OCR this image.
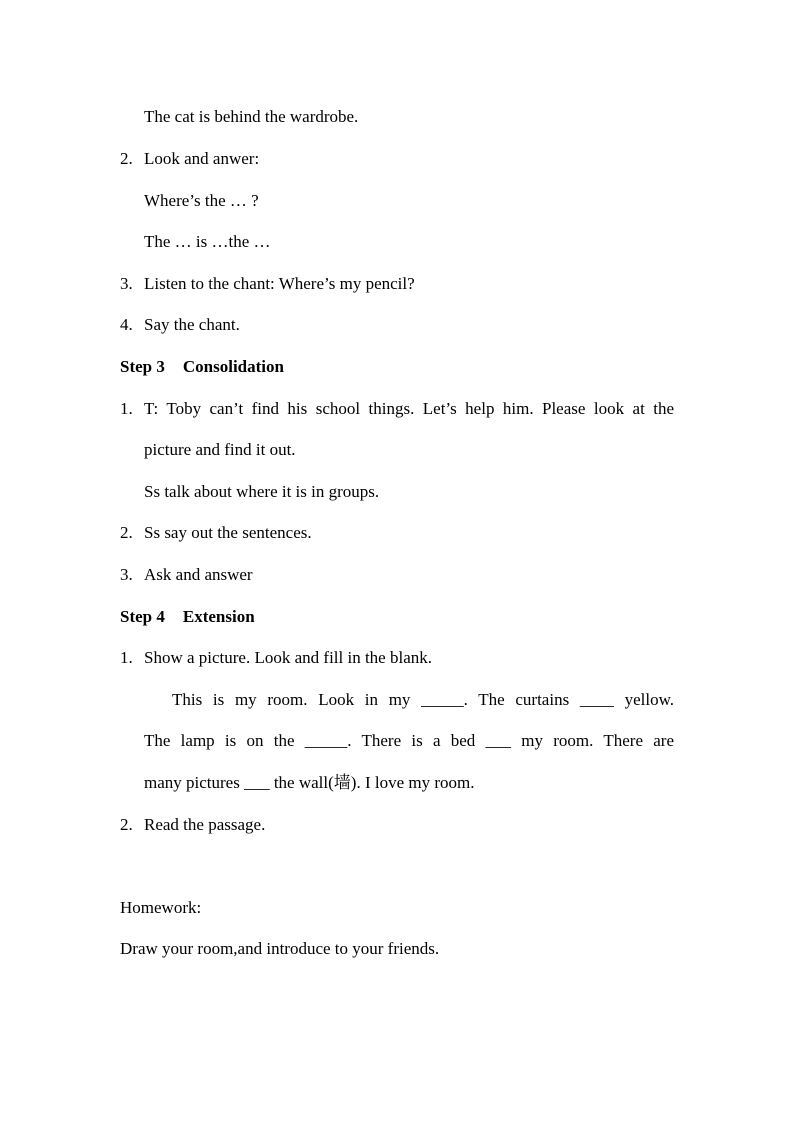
The cat is behind the wardrobe.
2. Look and anwer:
Where’s the … ?
The … is …the …
3. Listen to the chant: Where’s my pencil?
4. Say the chant.
Step 3 Consolidation
1. T: Toby can’t find his school things. Let’s help him. Please look at the
picture and find it out.
Ss talk about where it is in groups.
2. Ss say out the sentences.
3. Ask and answer
Step 4 Extension
1. Show a picture. Look and fill in the blank.
This is my room. Look in my _____. The curtains ____ yellow.
The lamp is on the _____. There is a bed ___ my room. There are
many pictures ___ the wall(墙). I love my room.
2. Read the passage.
Homework:
Draw your room,and introduce to your friends.
